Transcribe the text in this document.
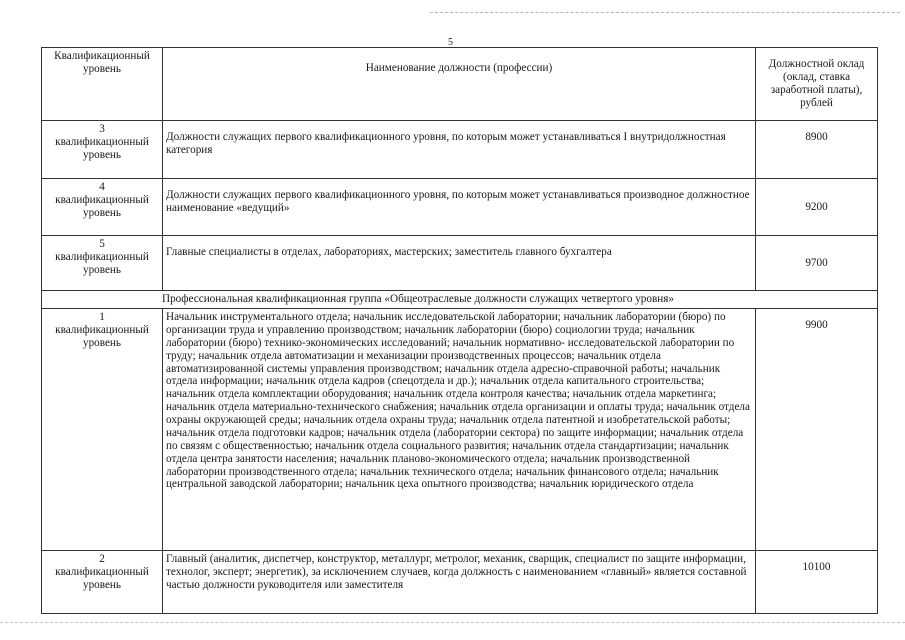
5
Квалификационный уровень	Наименование должности (профессии)	Должностной оклад (оклад, ставка заработной платы), рублей

3
квалификационный уровень	Должности служащих первого квалификационного уровня, по которым может устанавливаться I внутридолжностная категория	8900

4
квалификационный уровень	Должности служащих первого квалификационного уровня, по которым может устанавливаться производное должностное наименование «ведущий»	9200

5
квалификационный уровень	Главные специалисты в отделах, лабораториях, мастерских; заместитель главного бухгалтера	9700
Профессиональная квалификационная группа «Общеотраслевые должности служащих четвертого уровня»		

1
квалификационный уровень	Начальник инструментального отдела; начальник исследовательской лаборатории; начальник лаборатории (бюро) по организации труда и управлению производством; начальник лаборатории (бюро) социологии труда; начальник лаборатории (бюро) технико-экономических исследований; начальник нормативно- исследовательской лаборатории по труду; начальник отдела автоматизации и механизации производственных процессов; начальник отдела автоматизированной системы управления производством; начальник отдела адресно-справочной работы; начальник отдела информации; начальник отдела кадров (спецотдела и др.); начальник отдела капитального строительства; начальник отдела комплектации оборудования; начальник отдела контроля качества; начальник отдела маркетинга; начальник отдела материально-технического снабжения; начальник отдела организации и оплаты труда; начальник отдела охраны окружающей среды; начальник отдела охраны труда; начальник отдела патентной и изобретательской работы; начальник отдела подготовки кадров; начальник отдела (лаборатории сектора) по защите информации; начальник отдела по связям с общественностью; начальник отдела социального развития; начальник отдела стандартизации; начальник отдела центра занятости населения; начальник планово-экономического отдела; начальник производственной лаборатории производственного отдела; начальник технического отдела; начальник финансового отдела; начальник центральной заводской лаборатории; начальник цеха опытного производства; начальник юридического отдела	9900

2
квалификационный уровень	Главный (аналитик, диспетчер, конструктор, металлург, метролог, механик, сварщик, специалист по защите информации, технолог, эксперт; энергетик), за исключением случаев, когда должность с наименованием «главный» является составной частью должности руководителя или заместителя	10100
